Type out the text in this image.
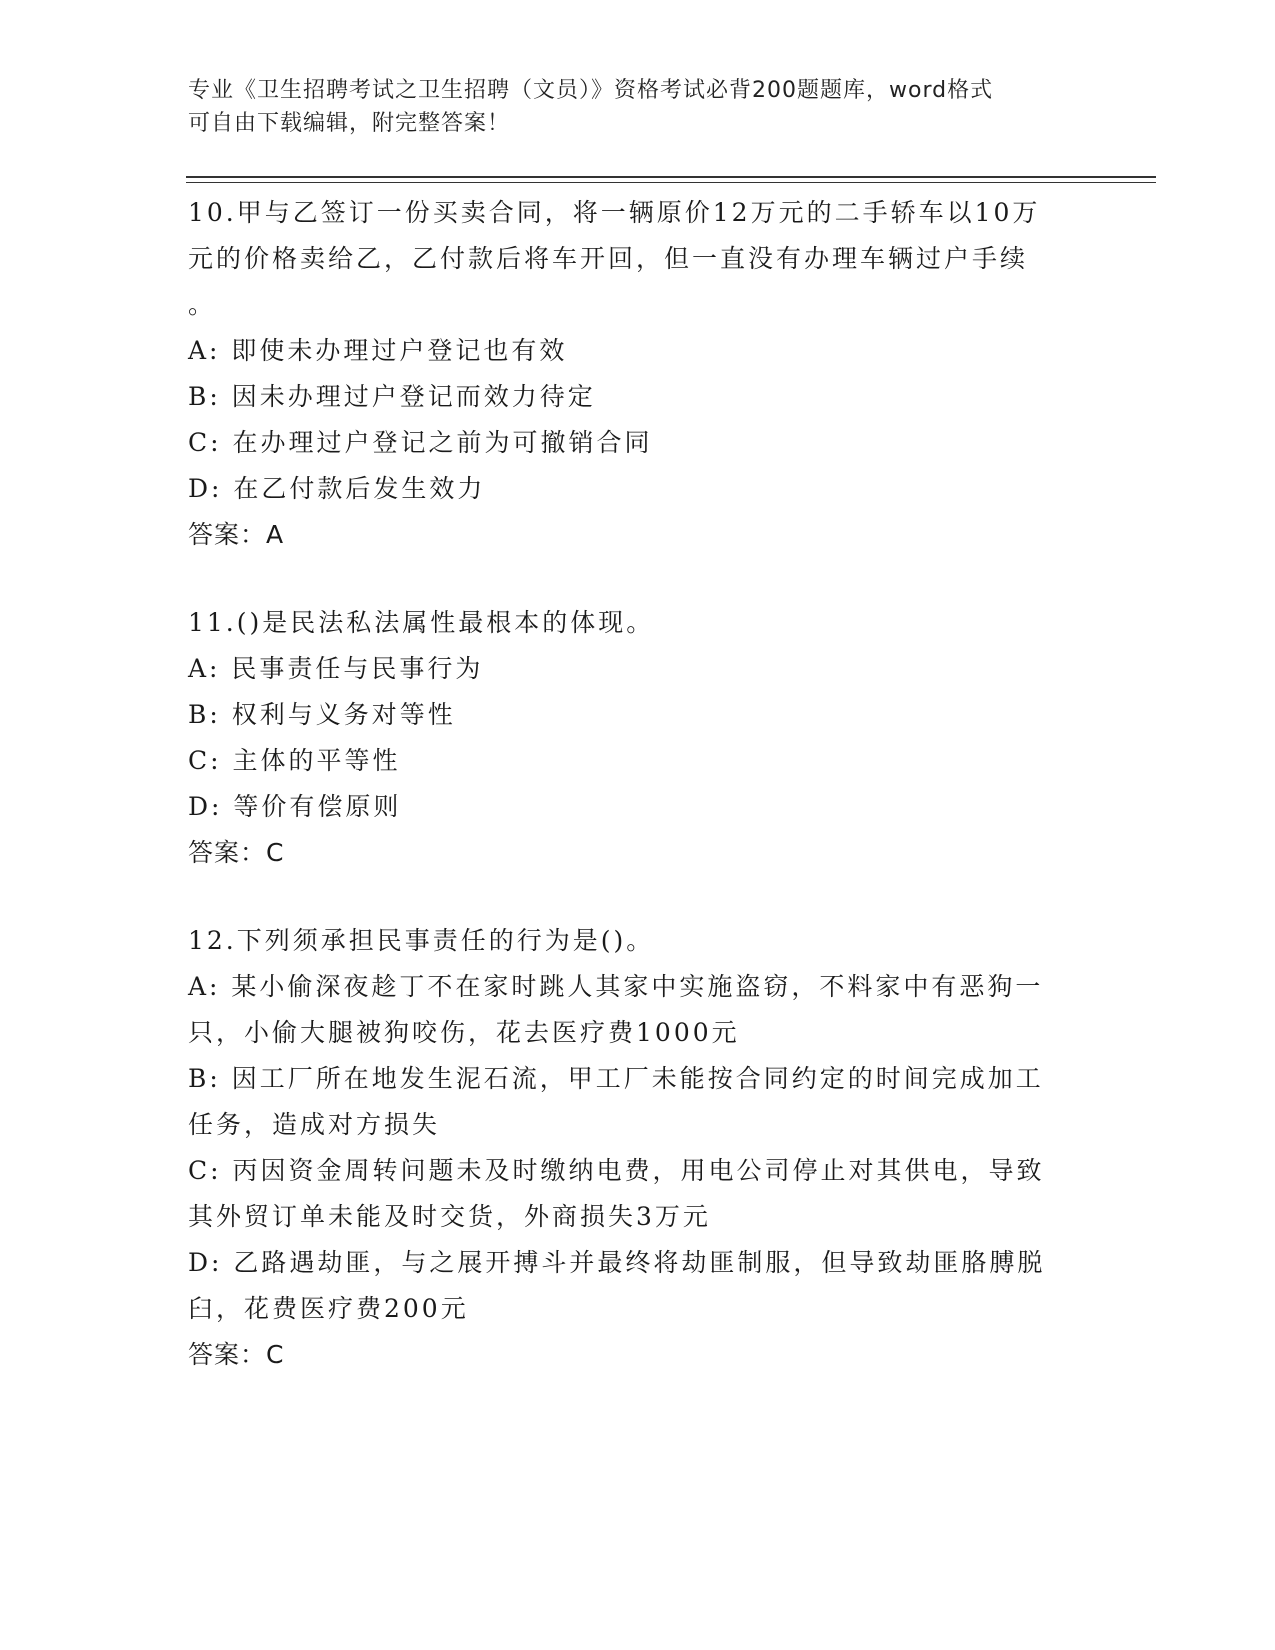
专业《卫生招聘考试之卫生招聘（文员）》资格考试必背200题题库，word格式
可自由下载编辑，附完整答案！
10.甲与乙签订一份买卖合同，将一辆原价12万元的二手轿车以10万
元的价格卖给乙，乙付款后将车开回，但一直没有办理车辆过户手续
。
A: 即使未办理过户登记也有效
B: 因未办理过户登记而效力待定
C: 在办理过户登记之前为可撤销合同
D: 在乙付款后发生效力
答案：A
11.()是民法私法属性最根本的体现。
A: 民事责任与民事行为
B: 权利与义务对等性
C: 主体的平等性
D: 等价有偿原则
答案：C
12.下列须承担民事责任的行为是()。
A: 某小偷深夜趁丁不在家时跳人其家中实施盗窃，不料家中有恶狗一
只，小偷大腿被狗咬伤，花去医疗费1000元
B: 因工厂所在地发生泥石流，甲工厂未能按合同约定的时间完成加工
任务，造成对方损失
C: 丙因资金周转问题未及时缴纳电费，用电公司停止对其供电，导致
其外贸订单未能及时交货，外商损失3万元
D: 乙路遇劫匪，与之展开搏斗并最终将劫匪制服，但导致劫匪胳膊脱
臼，花费医疗费200元
答案：C
